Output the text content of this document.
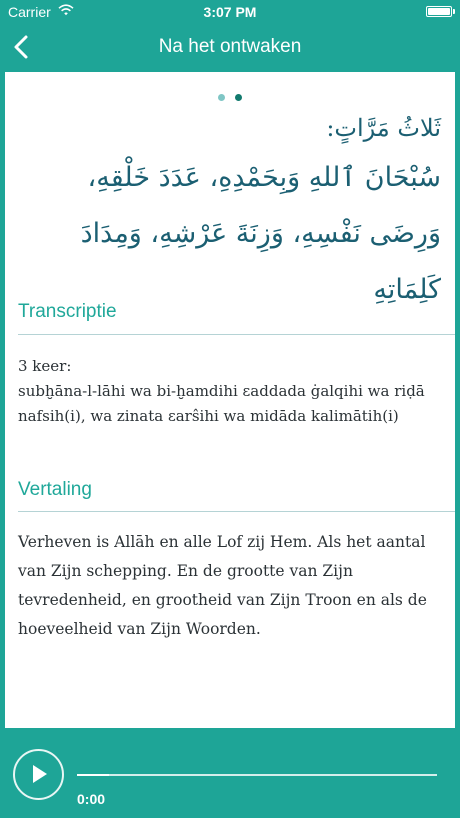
Carrier	3:07 PM
Na het ontwaken
ثَلاثُ مَرَّاتٍ:
سُبْحَانَ ٱللهِ وَبِحَمْدِهِ، عَدَدَ خَلْقِهِ، وَرِضَى نَفْسِهِ، وَزِنَةَ عَرْشِهِ، وَمِدَادَ كَلِمَاتِهِ
Transcriptie
3 keer:
subḫāna-l-lāhi wa bi-ḫamdihi ɛaddada ġalqihi wa riḍā nafsih(i), wa zinata ɛarŝihi wa midāda kalimātih(i)
Vertaling
Verheven is Allāh en alle Lof zij Hem. Als het aantal van Zijn schepping. En de grootte van Zijn tevredenheid, en grootheid van Zijn Troon en als de hoeveelheid van Zijn Woorden.
0:00
